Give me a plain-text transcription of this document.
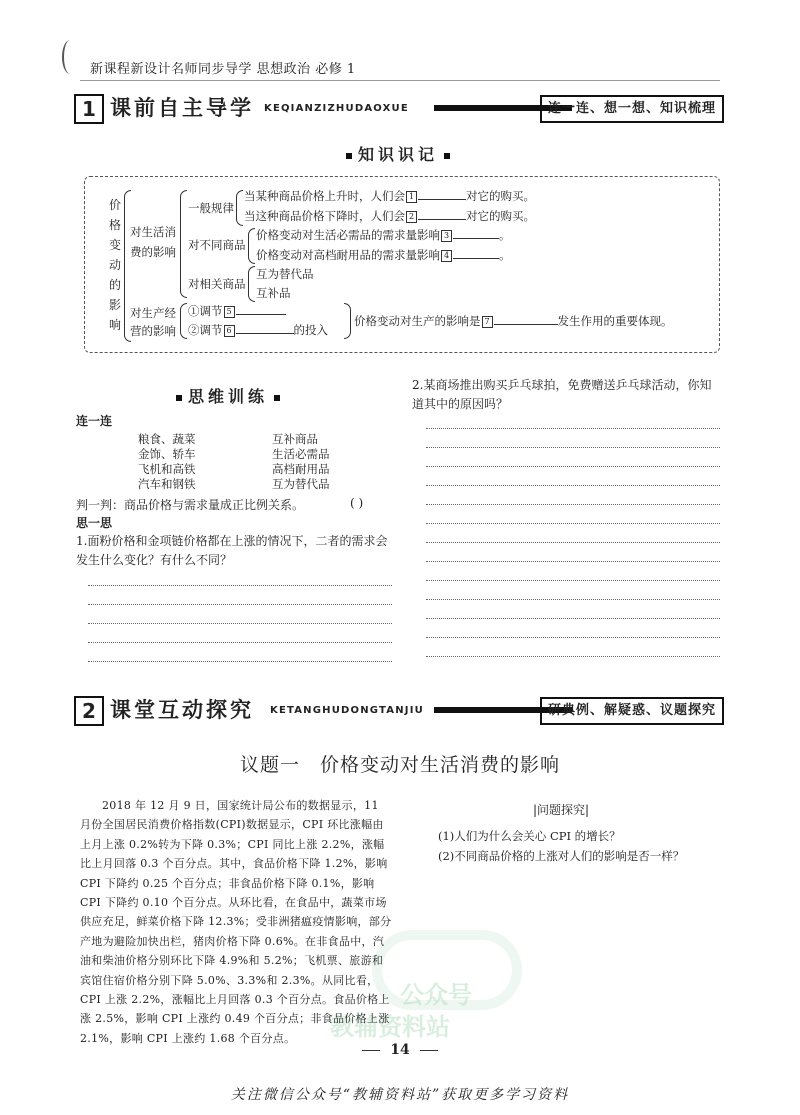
新课程新设计名师同步导学 思想政治 必修 1
1 课前自主导学 KEQIANZIZHUDAOXUE	连一连、想一想、知识梳理
知识识记
价
格
变
动
的
影
响
对生活消费的影响
一般规律
当某种商品价格上升时，人们会 1	对它的购买。
当这种商品价格下降时，人们会 2	对它的购买。
对不同商品
价格变动对生活必需品的需求量影响 3	。
价格变动对高档耐用品的需求量影响 4	。
对相关商品
互为替代品
互补品
对生产经营的影响
①调节 5
②调节 6	的投入
价格变动对生产的影响是 7	发生作用的重要体现。
思维训练
连一连
粮食、蔬菜
金饰、轿车
飞机和高铁
汽车和钢铁
互补商品
生活必需品
高档耐用品
互为替代品
判一判：商品价格与需求量成正比例关系。	( )
思一思
1.面粉价格和金项链价格都在上涨的情况下，二者的需求会发生什么变化？有什么不同？
2.某商场推出购买乒乓球拍，免费赠送乒乓球活动，你知道其中的原因吗？
2 课堂互动探究 KETANGHUDONGTANJIU	研典例、解疑惑、议题探究
议题一　价格变动对生活消费的影响
公众号
教辅资料站
2018 年 12 月 9 日，国家统计局公布的数据显示，11 月份全国居民消费价格指数(CPI)数据显示，CPI 环比涨幅由上月上涨 0.2%转为下降 0.3%；CPI 同比上涨 2.2%，涨幅比上月回落 0.3 个百分点。其中，食品价格下降 1.2%，影响 CPI 下降约 0.25 个百分点；非食品价格下降 0.1%，影响 CPI 下降约 0.10 个百分点。从环比看，在食品中，蔬菜市场供应充足，鲜菜价格下降 12.3%；受非洲猪瘟疫情影响，部分产地为避险加快出栏，猪肉价格下降 0.6%。在非食品中，汽油和柴油价格分别环比下降 4.9%和 5.2%；飞机票、旅游和宾馆住宿价格分别下降 5.0%、3.3%和 2.3%。从同比看，CPI 上涨 2.2%，涨幅比上月回落 0.3 个百分点。食品价格上涨 2.5%，影响 CPI 上涨约 0.49 个百分点；非食品价格上涨 2.1%，影响 CPI 上涨约 1.68 个百分点。
|问题探究|
(1)人们为什么会关心 CPI 的增长？
(2)不同商品价格的上涨对人们的影响是否一样？
14
关注微信公众号“教辅资料站”获取更多学习资料
